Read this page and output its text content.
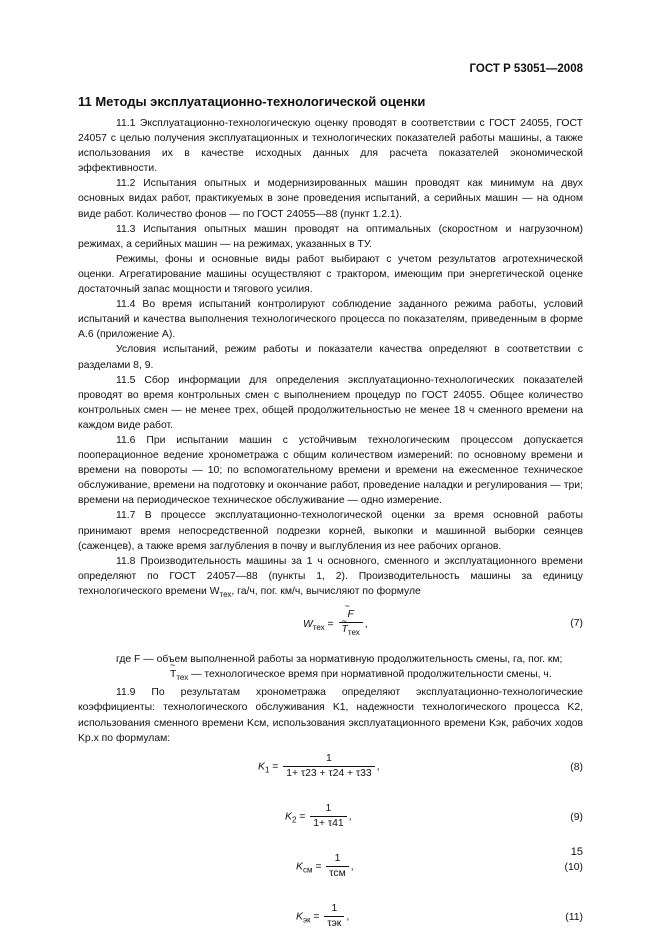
ГОСТ Р 53051—2008
11 Методы эксплуатационно-технологической оценки

11.1 Эксплуатационно-технологическую оценку проводят в соответствии с ГОСТ 24055, ГОСТ 24057 с целью получения эксплуатационных и технологических показателей работы машины, а также использования их в качестве исходных данных для расчета показателей экономической эффективности.

11.2 Испытания опытных и модернизированных машин проводят как минимум на двух основных видах работ, практикуемых в зоне проведения испытаний, а серийных машин — на одном виде работ. Количество фонов — по ГОСТ 24055—88 (пункт 1.2.1).

11.3 Испытания опытных машин проводят на оптимальных (скоростном и нагрузочном) режимах, а серийных машин — на режимах, указанных в ТУ.

Режимы, фоны и основные виды работ выбирают с учетом результатов агротехнической оценки. Агрегатирование машины осуществляют с трактором, имеющим при энергетической оценке достаточный запас мощности и тягового усилия.

11.4 Во время испытаний контролируют соблюдение заданного режима работы, условий испытаний и качества выполнения технологического процесса по показателям, приведенным в форме А.6 (приложение А).

Условия испытаний, режим работы и показатели качества определяют в соответствии с разделами 8, 9.

11.5 Сбор информации для определения эксплуатационно-технологических показателей проводят во время контрольных смен с выполнением процедур по ГОСТ 24055. Общее количество контрольных смен — не менее трех, общей продолжительностью не менее 18 ч сменного времени на каждом виде работ.

11.6 При испытании машин с устойчивым технологическим процессом допускается пооперационное ведение хронометража с общим количеством измерений: по основному времени и времени на повороты — 10; по вспомогательному времени и времени на ежесменное техническое обслуживание, времени на подготовку и окончание работ, проведение наладки и регулирования — три; времени на периодическое техническое обслуживание — одно измерение.

11.7 В процессе эксплуатационно-технологической оценки за время основной работы принимают время непосредственной подрезки корней, выкопки и машинной выборки сеянцев (саженцев), а также время заглубления в почву и выглубления из нее рабочих органов.

11.8 Производительность машины за 1 ч основного, сменного и эксплуатационного времени определяют по ГОСТ 24057—88 (пункты 1, 2). Производительность машины за единицу технологического времени $W_{тех}$, га/ч, пог. км/ч, вычисляют по формуле

$W_{тех}$ =
~ F
~ $T_{тех}$ ,	(7)

где F — объем выполненной работы за нормативную продолжительность смены, га, пог. км;

~ $T_{тех}$ — технологическое время при нормативной продолжительности смены, ч.

11.9 По результатам хронометража определяют эксплуатационно-технологические коэффициенты: технологического обслуживания K1, надежности технологического процесса K2, использования сменного времени Kсм, использования эксплуатационного времени Kэк, рабочих ходов Kр.х по формулам:

$K_1 = \frac{1}{1+ \tau 23 + \tau 24 + \tau 33}$ ,	(8)
$K_2 = \frac{1}{1+ \tau 41}$ ,	(9)
$K_{см} = \frac{1}{\text{τсм}}$ ,	(10)
$K_{эк} = \frac{1}{\text{τэк}}$ ,	(11)
15
